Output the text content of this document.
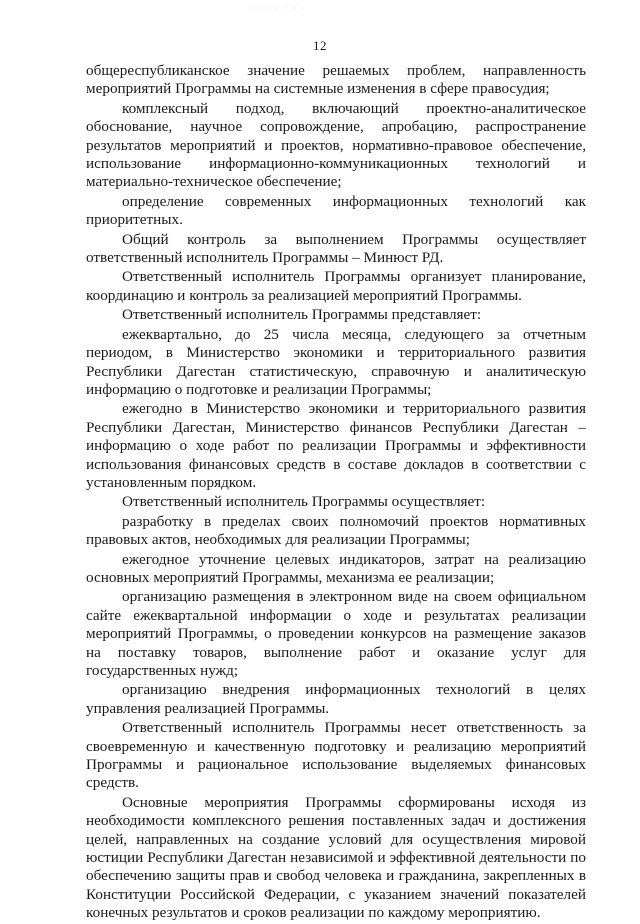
· · · · · · ·
12

общереспубликанское значение решаемых проблем, направленность мероприятий Программы на системные изменения в сфере правосудия;

комплексный подход, включающий проектно-аналитическое обоснование, научное сопровождение, апробацию, распространение результатов мероприятий и проектов, нормативно-правовое обеспечение, использование информационно-коммуникационных технологий и материально-техническое обеспечение;

определение современных информационных технологий как приоритетных.

Общий контроль за выполнением Программы осуществляет ответственный исполнитель Программы – Минюст РД.

Ответственный исполнитель Программы организует планирование, координацию и контроль за реализацией мероприятий Программы.

Ответственный исполнитель Программы представляет:

ежеквартально, до 25 числа месяца, следующего за отчетным периодом, в Министерство экономики и территориального развития Республики Дагестан статистическую, справочную и аналитическую информацию о подготовке и реализации Программы;

ежегодно в Министерство экономики и территориального развития Республики Дагестан, Министерство финансов Республики Дагестан – информацию о ходе работ по реализации Программы и эффективности использования финансовых средств в составе докладов в соответствии с установленным порядком.

Ответственный исполнитель Программы осуществляет:

разработку в пределах своих полномочий проектов нормативных правовых актов, необходимых для реализации Программы;

ежегодное уточнение целевых индикаторов, затрат на реализацию основных мероприятий Программы, механизма ее реализации;

организацию размещения в электронном виде на своем официальном сайте ежеквартальной информации о ходе и результатах реализации мероприятий Программы, о проведении конкурсов на размещение заказов на поставку товаров, выполнение работ и оказание услуг для государственных нужд;

организацию внедрения информационных технологий в целях управления реализацией Программы.

Ответственный исполнитель Программы несет ответственность за своевременную и качественную подготовку и реализацию мероприятий Программы и рациональное использование выделяемых финансовых средств.

Основные мероприятия Программы сформированы исходя из необходимости комплексного решения поставленных задач и достижения целей, направленных на создание условий для осуществления мировой юстиции Республики Дагестан независимой и эффективной деятельности по обеспечению защиты прав и свобод человека и гражданина, закрепленных в Конституции Российской Федерации, с указанием значений показателей конечных результатов и сроков реализации по каждому мероприятию.
